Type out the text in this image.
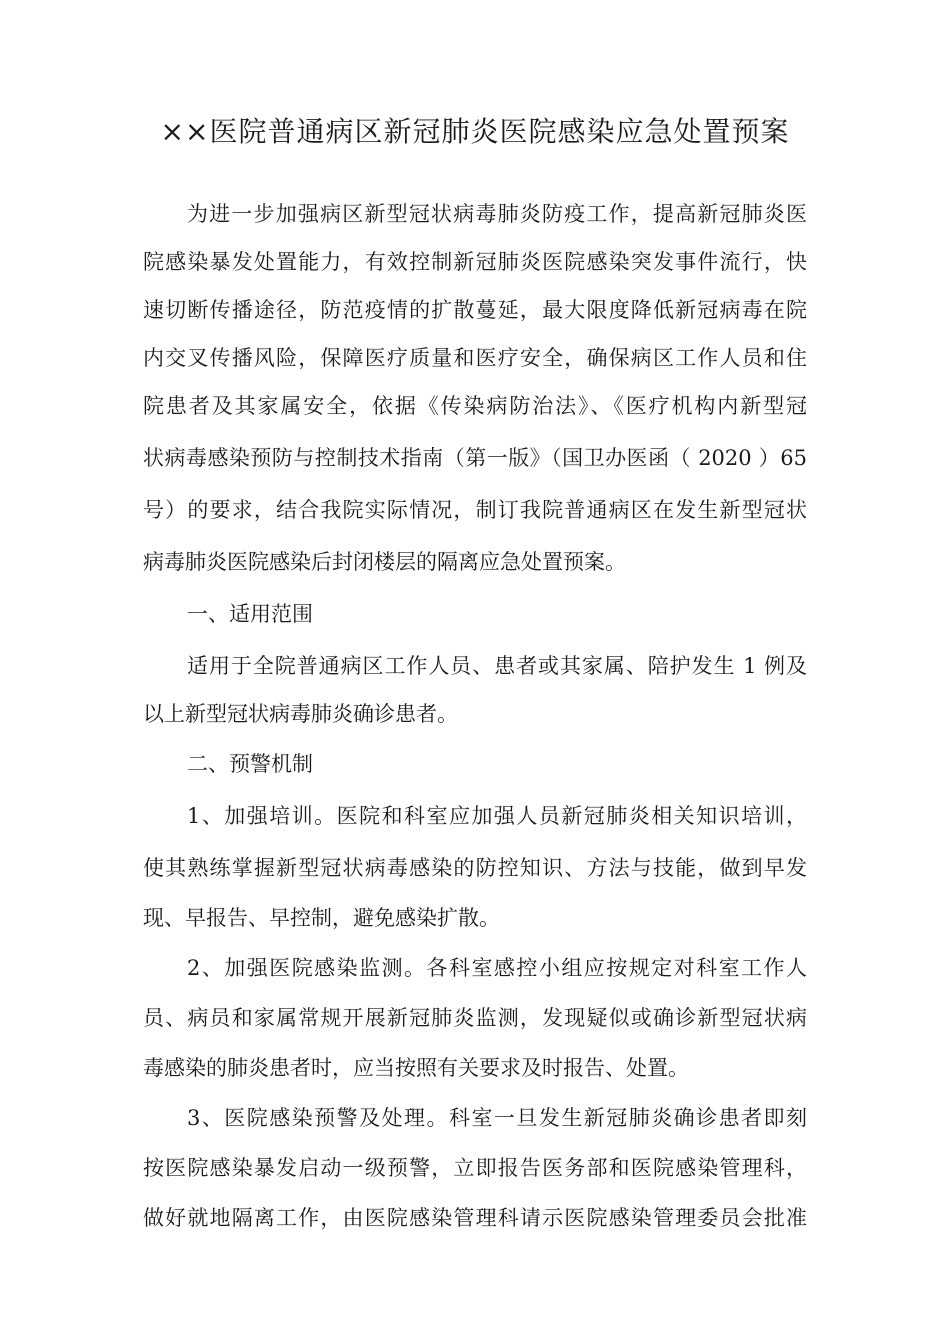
××医院普通病区新冠肺炎医院感染应急处置预案
为进一步加强病区新型冠状病毒肺炎防疫工作，提高新冠肺炎医
院感染暴发处置能力，有效控制新冠肺炎医院感染突发事件流行，快
速切断传播途径，防范疫情的扩散蔓延，最大限度降低新冠病毒在院
内交叉传播风险，保障医疗质量和医疗安全，确保病区工作人员和住
院患者及其家属安全，依据《传染病防治法》、《医疗机构内新型冠
状病毒感染预防与控制技术指南（第一版》（国卫办医函（ 2020 ）65
号）的要求，结合我院实际情况，制订我院普通病区在发生新型冠状
病毒肺炎医院感染后封闭楼层的隔离应急处置预案。
一、适用范围
适用于全院普通病区工作人员、患者或其家属、陪护发生 1 例及
以上新型冠状病毒肺炎确诊患者。
二、预警机制
1、加强培训。医院和科室应加强人员新冠肺炎相关知识培训，
使其熟练掌握新型冠状病毒感染的防控知识、方法与技能，做到早发
现、早报告、早控制，避免感染扩散。
2、加强医院感染监测。各科室感控小组应按规定对科室工作人
员、病员和家属常规开展新冠肺炎监测，发现疑似或确诊新型冠状病
毒感染的肺炎患者时，应当按照有关要求及时报告、处置。
3、医院感染预警及处理。科室一旦发生新冠肺炎确诊患者即刻
按医院感染暴发启动一级预警，立即报告医务部和医院感染管理科，
做好就地隔离工作，由医院感染管理科请示医院感染管理委员会批准
